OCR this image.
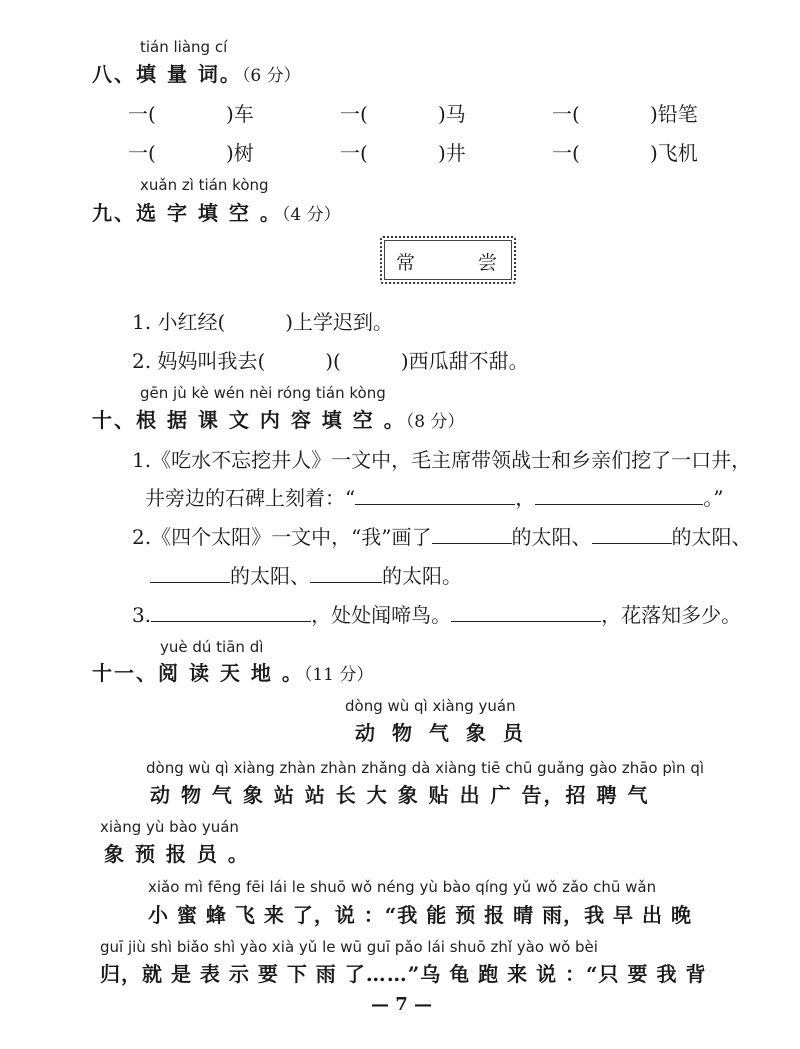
tián liàng cí
八、填 量 词。（6 分）
一(	)车	一(	)马	一(	)铅笔
一(	)树	一(	)井	一(	)飞机
xuǎn zì tián kòng
九、选 字 填 空 。（4 分）
常	尝
1. 小红经(	)上学迟到。
2. 妈妈叫我去(	)(	)西瓜甜不甜。
gēn jù kè wén nèi róng tián kòng
十、根 据 课 文 内 容 填 空 。（8 分）
1.《吃水不忘挖井人》一文中，毛主席带领战士和乡亲们挖了一口井，
井旁边的石碑上刻着：“	，	。”
2.《四个太阳》一文中，“我”画了	的太阳、	的太阳、
的太阳、	的太阳。
3.	，处处闻啼鸟。	，花落知多少。
yuè dú tiān dì
十一、阅 读 天 地 。（11 分）
dòng wù qì xiàng yuán
动 物 气 象 员
dòng wù qì xiàng zhàn zhàn zhǎng dà xiàng tiē chū guǎng gào zhāo pìn qì
动 物 气 象 站 站 长 大 象 贴 出 广 告，招 聘 气
xiàng yù bào yuán
象 预 报 员 。
xiǎo mì fēng fēi lái le shuō wǒ néng yù bào qíng yǔ wǒ zǎo chū wǎn
小 蜜 蜂 飞 来 了，说 ：“我 能 预 报 晴 雨，我 早 出 晚
guī jiù shì biǎo shì yào xià yǔ le wū guī pǎo lái shuō zhǐ yào wǒ bèi
归，就 是 表 示 要 下 雨 了……”乌 龟 跑 来 说 ：“只 要 我 背
— 7 —
